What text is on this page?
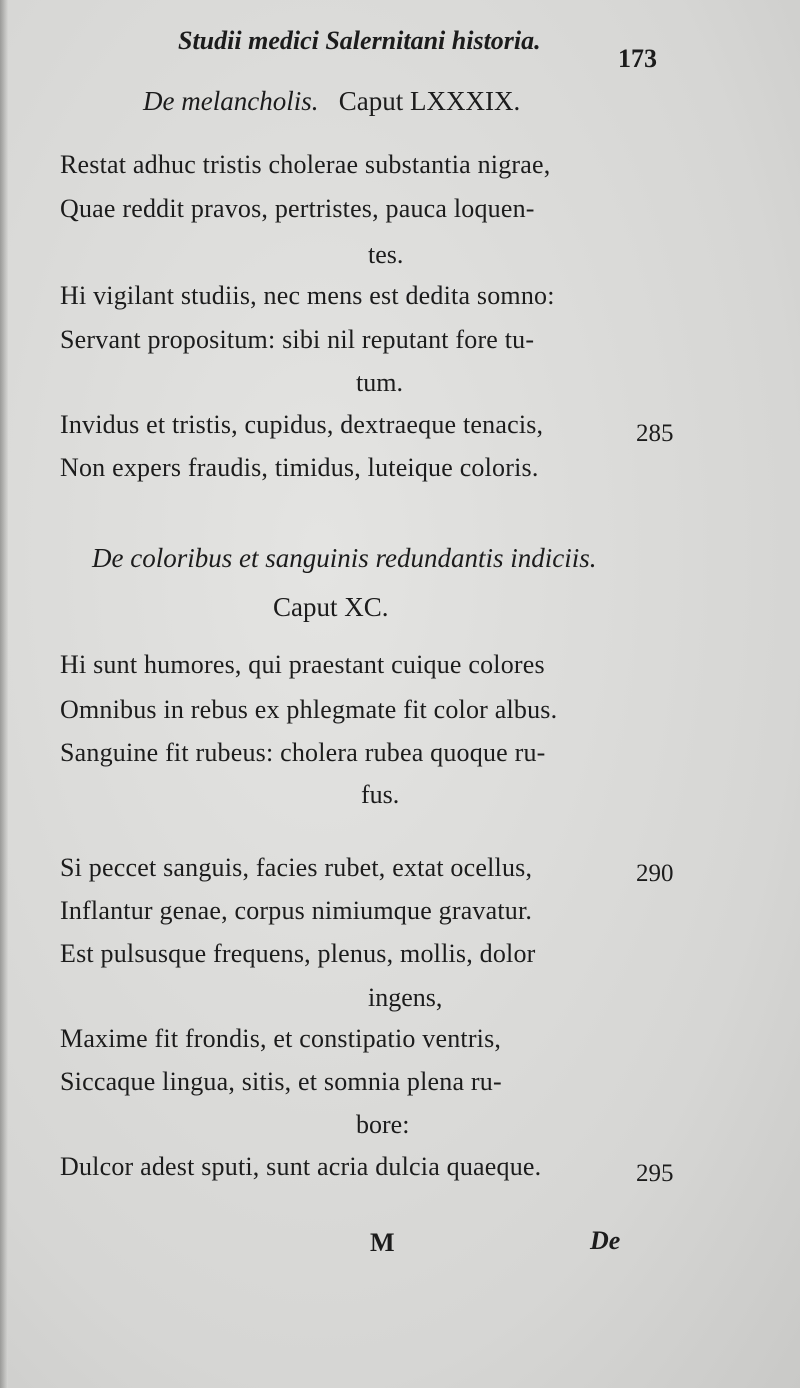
Studii medici Salernitani historia.
173
De melancholis. Caput LXXXIX.
Restat adhuc tristis cholerae substantia nigrae,
Quae reddit pravos, pertristes, pauca loquen-
tes.
Hi vigilant studiis, nec mens est dedita somno:
Servant propositum: sibi nil reputant fore tu-
tum.
Invidus et tristis, cupidus, dextraeque tenacis,	285
Non expers fraudis, timidus, luteique coloris.
De coloribus et sanguinis redundantis indiciis.
Caput XC.
Hi sunt humores, qui praestant cuique colores
Omnibus in rebus ex phlegmate fit color albus.
Sanguine fit rubeus: cholera rubea quoque ru-
fus.
Si peccet sanguis, facies rubet, extat ocellus,	290
Inflantur genae, corpus nimiumque gravatur.
Est pulsusque frequens, plenus, mollis, dolor
ingens,
Maxime fit frondis, et constipatio ventris,
Siccaque lingua, sitis, et somnia plena ru-
bore:
Dulcor adest sputi, sunt acria dulcia quaeque.	295
M	De
